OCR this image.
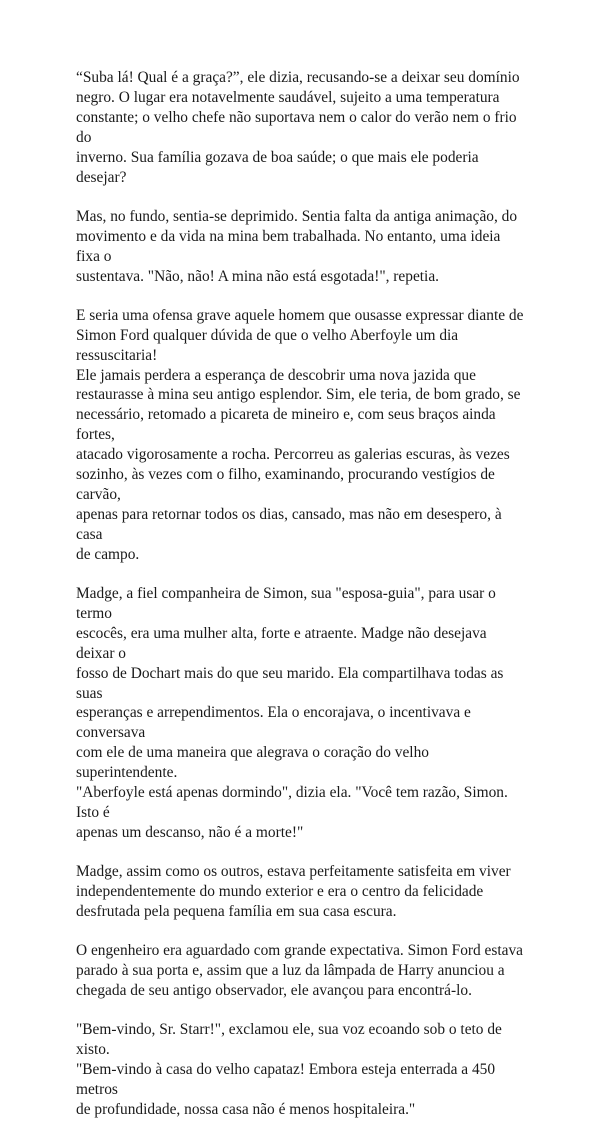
“Suba lá! Qual é a graça?”, ele dizia, recusando-se a deixar seu domínio
negro. O lugar era notavelmente saudável, sujeito a uma temperatura
constante; o velho chefe não suportava nem o calor do verão nem o frio do
inverno. Sua família gozava de boa saúde; o que mais ele poderia desejar?

Mas, no fundo, sentia-se deprimido. Sentia falta da antiga animação, do
movimento e da vida na mina bem trabalhada. No entanto, uma ideia fixa o
sustentava. "Não, não! A mina não está esgotada!", repetia.

E seria uma ofensa grave aquele homem que ousasse expressar diante de
Simon Ford qualquer dúvida de que o velho Aberfoyle um dia ressuscitaria!
Ele jamais perdera a esperança de descobrir uma nova jazida que
restaurasse à mina seu antigo esplendor. Sim, ele teria, de bom grado, se
necessário, retomado a picareta de mineiro e, com seus braços ainda fortes,
atacado vigorosamente a rocha. Percorreu as galerias escuras, às vezes
sozinho, às vezes com o filho, examinando, procurando vestígios de carvão,
apenas para retornar todos os dias, cansado, mas não em desespero, à casa
de campo.

Madge, a fiel companheira de Simon, sua "esposa-guia", para usar o termo
escocês, era uma mulher alta, forte e atraente. Madge não desejava deixar o
fosso de Dochart mais do que seu marido. Ela compartilhava todas as suas
esperanças e arrependimentos. Ela o encorajava, o incentivava e conversava
com ele de uma maneira que alegrava o coração do velho superintendente.
"Aberfoyle está apenas dormindo", dizia ela. "Você tem razão, Simon. Isto é
apenas um descanso, não é a morte!"

Madge, assim como os outros, estava perfeitamente satisfeita em viver
independentemente do mundo exterior e era o centro da felicidade
desfrutada pela pequena família em sua casa escura.

O engenheiro era aguardado com grande expectativa. Simon Ford estava
parado à sua porta e, assim que a luz da lâmpada de Harry anunciou a
chegada de seu antigo observador, ele avançou para encontrá-lo.

"Bem-vindo, Sr. Starr!", exclamou ele, sua voz ecoando sob o teto de xisto.
"Bem-vindo à casa do velho capataz! Embora esteja enterrada a 450 metros
de profundidade, nossa casa não é menos hospitaleira."
